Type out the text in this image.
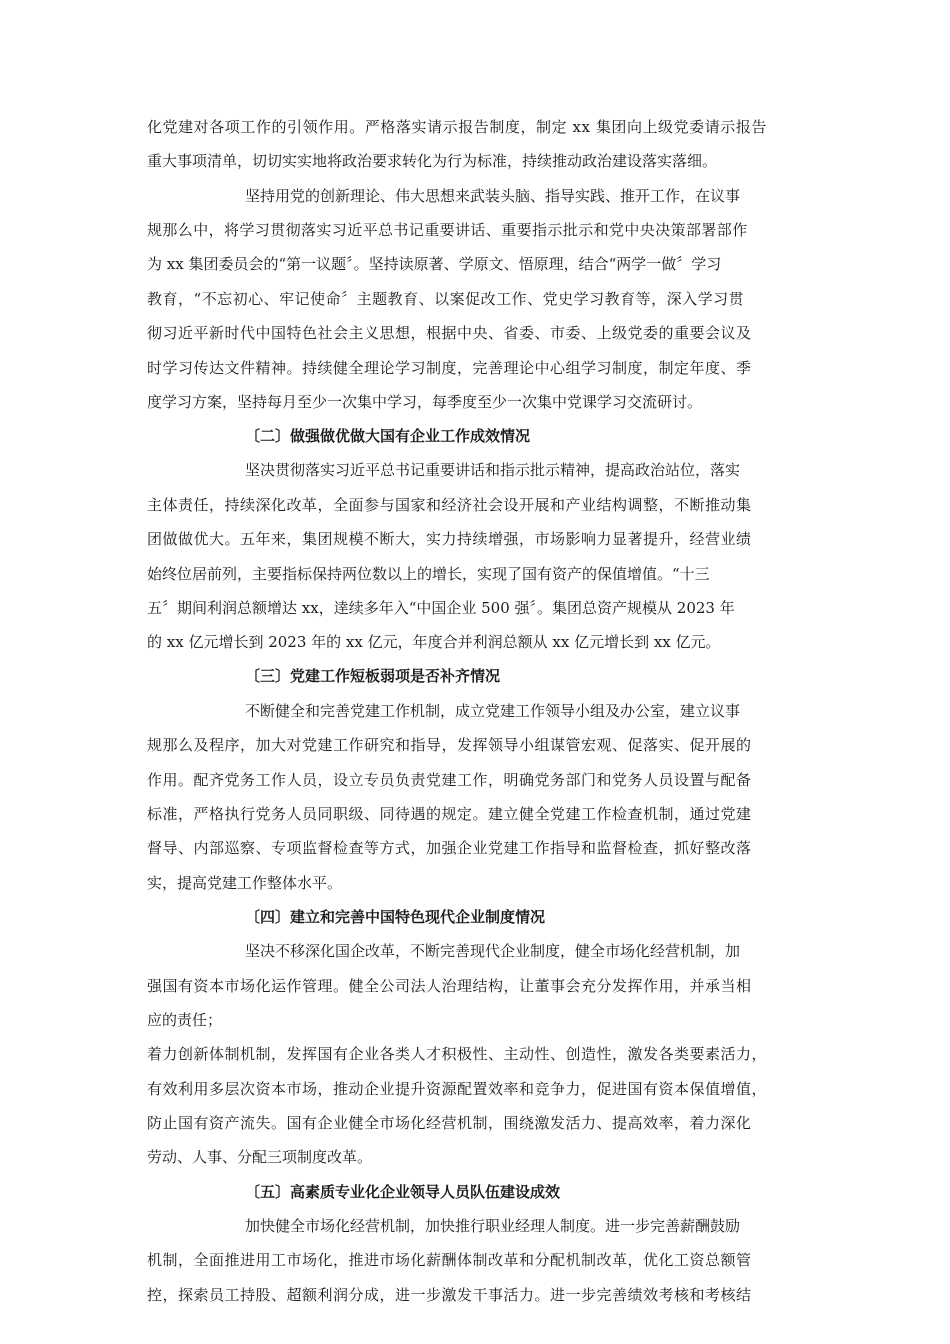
化党建对各项工作的引领作用。严格落实请示报告制度，制定 xx 集团向上级党委请示报告
重大事项清单，切切实实地将政治要求转化为行为标准，持续推动政治建设落实落细。
坚持用党的创新理论、伟大思想来武装头脑、指导实践、推开工作，在议事
规那么中，将学习贯彻落实习近平总书记重要讲话、重要指示批示和党中央决策部署部作
为 xx 集团委员会的“第一议题〞。坚持读原著、学原文、悟原理，结合“两学一做〞学习
教育，“不忘初心、牢记使命〞主题教育、以案促改工作、党史学习教育等，深入学习贯
彻习近平新时代中国特色社会主义思想，根据中央、省委、市委、上级党委的重要会议及
时学习传达文件精神。持续健全理论学习制度，完善理论中心组学习制度，制定年度、季
度学习方案，坚持每月至少一次集中学习，每季度至少一次集中党课学习交流研讨。
〔二〕做强做优做大国有企业工作成效情况
坚决贯彻落实习近平总书记重要讲话和指示批示精神，提高政治站位，落实
主体责任，持续深化改革，全面参与国家和经济社会设开展和产业结构调整，不断推动集
团做做优大。五年来，集团规模不断大，实力持续增强，市场影响力显著提升，经营业绩
始终位居前列，主要指标保持两位数以上的增长，实现了国有资产的保值增值。“十三
五〞期间利润总额增达 xx，逹续多年入“中国企业 500 强〞。集团总资产规模从 2023 年
的 xx 亿元增长到 2023 年的 xx 亿元，年度合并利润总额从 xx 亿元增长到 xx 亿元。
〔三〕党建工作短板弱项是否补齐情况
不断健全和完善党建工作机制，成立党建工作领导小组及办公室，建立议事
规那么及程序，加大对党建工作研究和指导，发挥领导小组谋管宏观、促落实、促开展的
作用。配齐党务工作人员，设立专员负责党建工作，明确党务部门和党务人员设置与配备
标准，严格执行党务人员同职级、同待遇的规定。建立健全党建工作检查机制，通过党建
督导、内部巡察、专项监督检查等方式，加强企业党建工作指导和监督检查，抓好整改落
实，提高党建工作整体水平。
〔四〕建立和完善中国特色现代企业制度情况
坚决不移深化国企改革，不断完善现代企业制度，健全市场化经营机制，加
强国有资本市场化运作管理。健全公司法人治理结构，让董事会充分发挥作用，并承当相
应的责任；
着力创新体制机制，发挥国有企业各类人才积极性、主动性、创造性，激发各类要素活力，
有效利用多层次资本市场，推动企业提升资源配置效率和竞争力，促进国有资本保值增值，
防止国有资产流失。国有企业健全市场化经营机制，围绕激发活力、提高效率，着力深化
劳动、人事、分配三项制度改革。
〔五〕高素质专业化企业领导人员队伍建设成效
加快健全市场化经营机制，加快推行职业经理人制度。进一步完善薪酬鼓励
机制，全面推进用工市场化，推进市场化薪酬体制改革和分配机制改革，优化工资总额管
控，探索员工持股、超额利润分成，进一步激发干事活力。进一步完善绩效考核和考核结
